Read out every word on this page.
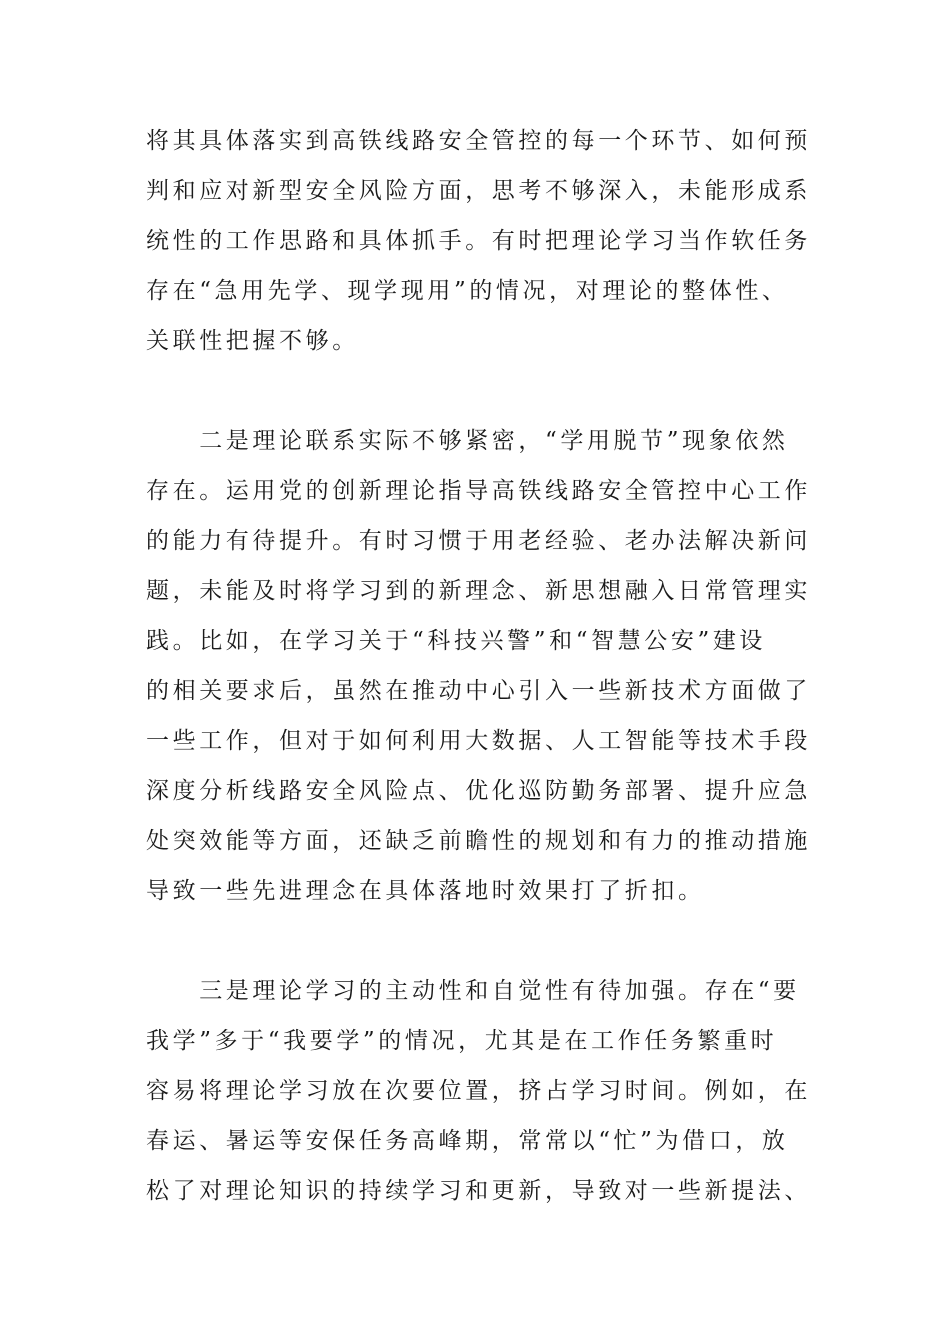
将其具体落实到高铁线路安全管控的每一个环节、如何预
判和应对新型安全风险方面，思考不够深入，未能形成系
统性的工作思路和具体抓手。有时把理论学习当作软任务
存在“急用先学、现学现用”的情况，对理论的整体性、
关联性把握不够。
　　二是理论联系实际不够紧密，“学用脱节”现象依然
存在。运用党的创新理论指导高铁线路安全管控中心工作
的能力有待提升。有时习惯于用老经验、老办法解决新问
题，未能及时将学习到的新理念、新思想融入日常管理实
践。比如，在学习关于“科技兴警”和“智慧公安”建设
的相关要求后，虽然在推动中心引入一些新技术方面做了
一些工作，但对于如何利用大数据、人工智能等技术手段
深度分析线路安全风险点、优化巡防勤务部署、提升应急
处突效能等方面，还缺乏前瞻性的规划和有力的推动措施
导致一些先进理念在具体落地时效果打了折扣。
　　三是理论学习的主动性和自觉性有待加强。存在“要
我学”多于“我要学”的情况，尤其是在工作任务繁重时
容易将理论学习放在次要位置，挤占学习时间。例如，在
春运、暑运等安保任务高峰期，常常以“忙”为借口，放
松了对理论知识的持续学习和更新，导致对一些新提法、
